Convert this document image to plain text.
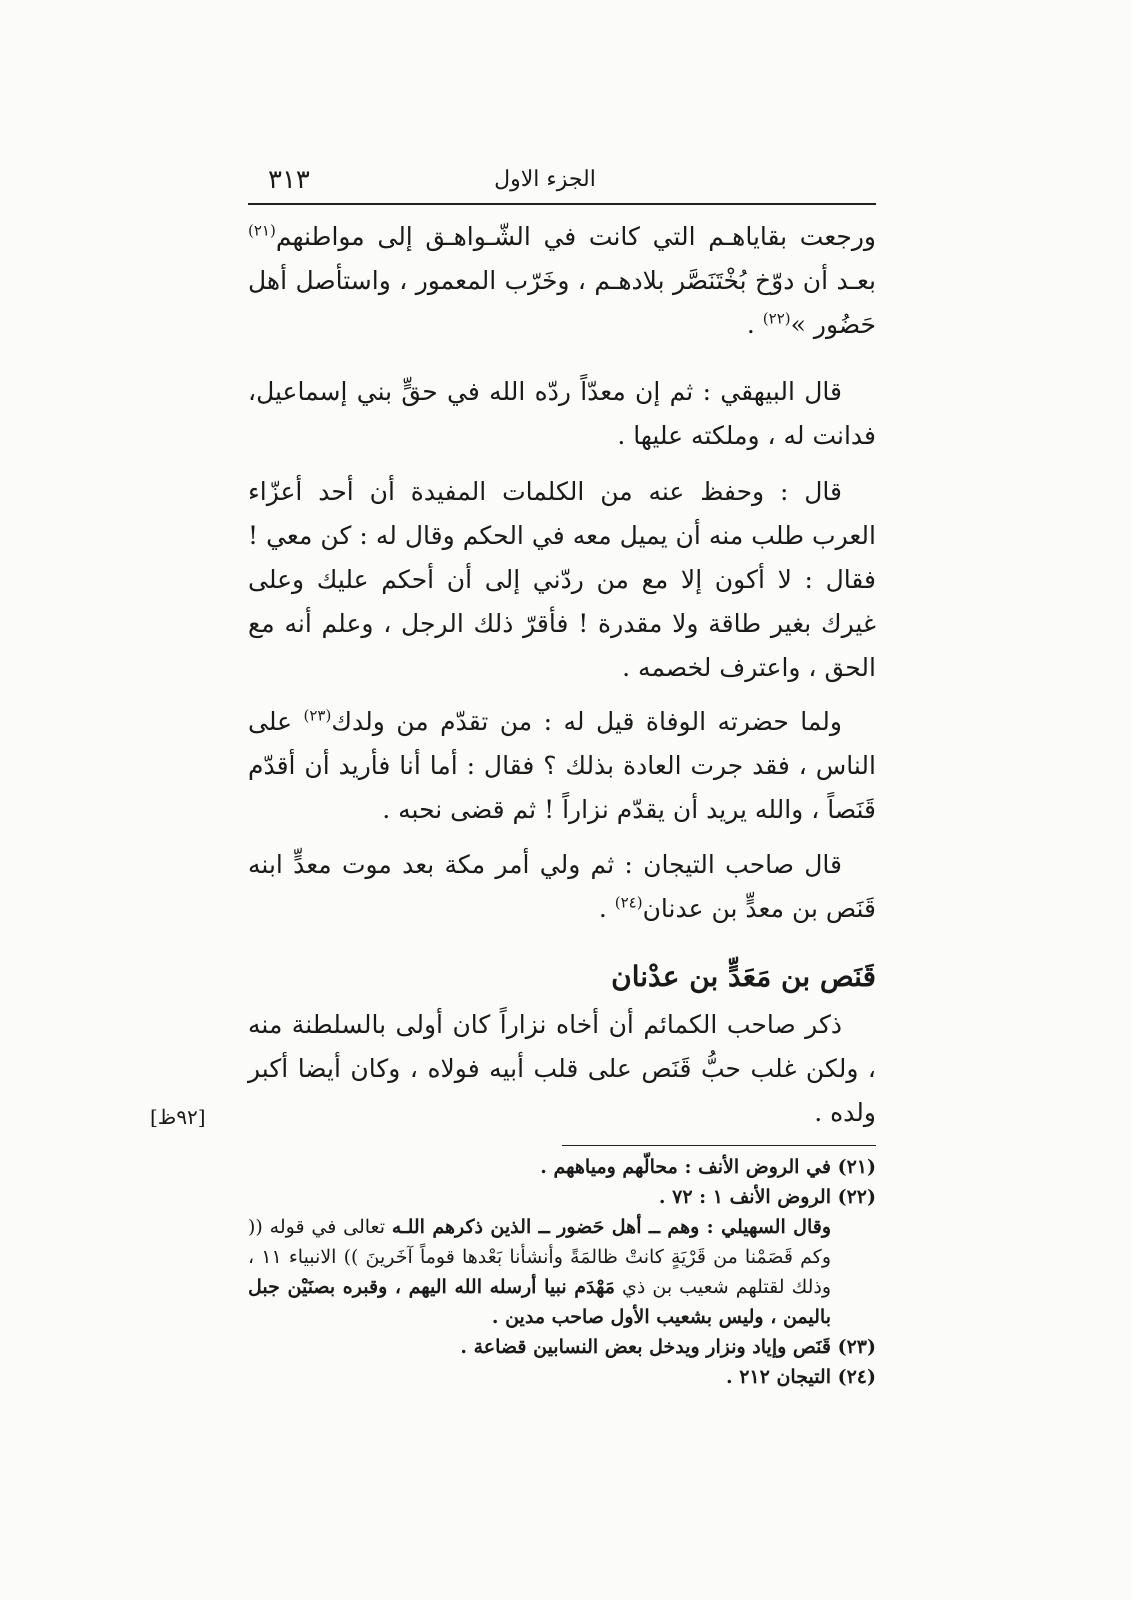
٣١٣	الجزء الاول

ورجعت بقاياهـم التي كانت في الشّـواهـق إلى مواطنهم$^{(٢١)}$ بعـد أن دوّخ بُخْتَنَصَّر بلادهـم ، وخَرّب المعمور ، واستأصل أهل حَضُور »$^{(٢٢)}$ .

قال البيهقي : ثم إن معدّاً ردّه الله في حقٍّ بني إسماعيل، فدانت له ، وملكته عليها .

قال : وحفظ عنه من الكلمات المفيدة أن أحد أعزّاء العرب طلب منه أن يميل معه في الحكم وقال له : كن معي ! فقال : لا أكون إلا مع من ردّني إلى أن أحكم عليك وعلى غيرك بغير طاقة ولا مقدرة ! فأقرّ ذلك الرجل ، وعلم أنه مع الحق ، واعترف لخصمه .

ولما حضرته الوفاة قيل له : من تقدّم من ولدك$^{(٢٣)}$ على الناس ، فقد جرت العادة بذلك ؟ فقال : أما أنا فأريد أن أقدّم قَنَصاً ، والله يريد أن يقدّم نزاراً ! ثم قضى نحبه .

قال صاحب التيجان : ثم ولي أمر مكة بعد موت معدٍّ ابنه قَنَص بن معدٍّ بن عدنان$^{(٢٤)}$ .

قَنَص بن مَعَدٍّ بن عدْنان

ذكر صاحب الكمائم أن أخاه نزاراً كان أولى بالسلطنة منه ، ولكن غلب حبُّ قَنَص على قلب أبيه فولاه ، وكان أيضا أكبر ولده .

[٩٢ظ]

(٢١)
في الروض الأنف : محالّهم ومياههم .

(٢٢)
الروض الأنف ١ : ٧٢ .

وقال السهيلي : وهم ــ أهل حَضور ــ الذين ذكرهم اللـه تعالى في قوله (( وكم قَصَمْنا من قَرْيَةٍ كانتْ ظالمَةً وأنشأنا بَعْدها قوماً آخَرينَ )) الانبياء ١١ ، وذلك لقتلهم شعيب بن ذي مَهْدَم نبيا أرسله الله اليهم ، وقبره بصنَيْن جبل باليمن ، وليس بشعيب الأول صاحب مدين .

(٢٣)
قَنَص وإياد ونزار ويدخل بعض النسابين قضاعة .

(٢٤)
التيجان ٢١٢ .
